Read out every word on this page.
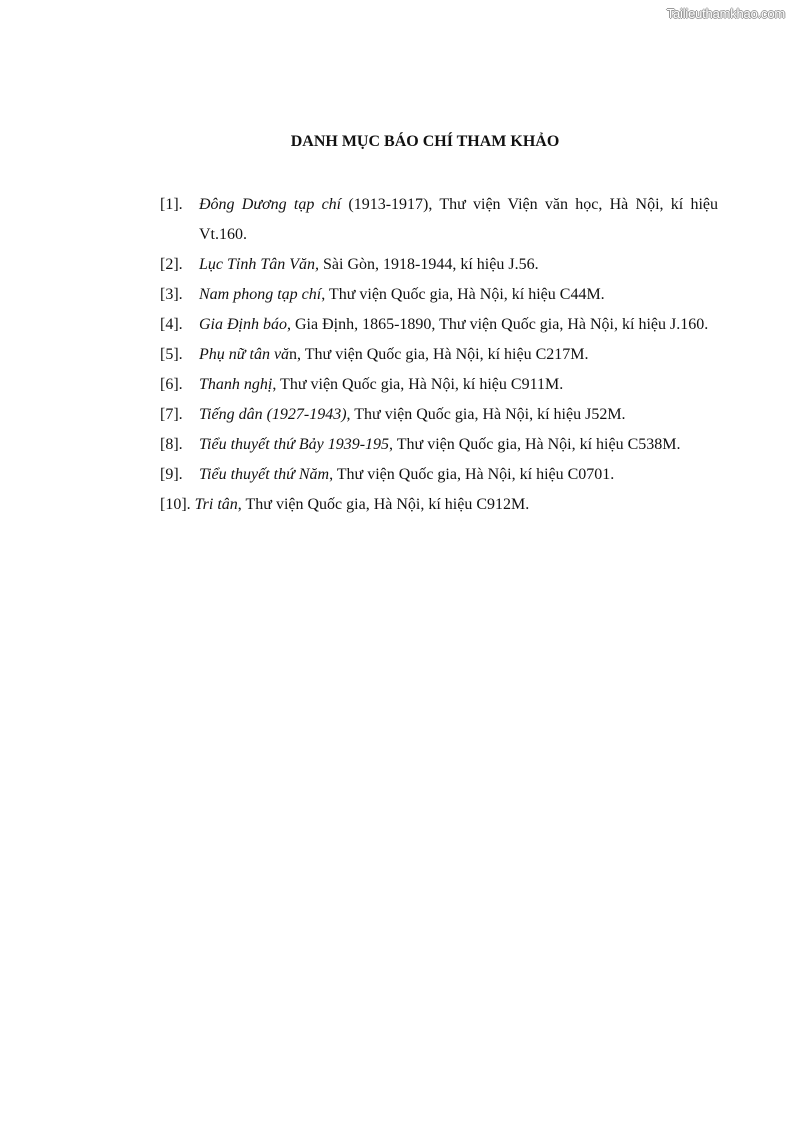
Tailieuthamkhao.com
DANH MỤC BÁO CHÍ THAM KHẢO
[1]. Đông Dương tạp chí (1913-1917), Thư viện Viện văn học, Hà Nội, kí hiệu Vt.160.
[2]. Lục Tỉnh Tân Văn, Sài Gòn, 1918-1944, kí hiệu J.56.
[3]. Nam phong tạp chí, Thư viện Quốc gia, Hà Nội, kí hiệu C44M.
[4]. Gia Định báo, Gia Định, 1865-1890, Thư viện Quốc gia, Hà Nội, kí hiệu J.160.
[5]. Phụ nữ tân văn, Thư viện Quốc gia, Hà Nội, kí hiệu C217M.
[6]. Thanh nghị, Thư viện Quốc gia, Hà Nội, kí hiệu C911M.
[7]. Tiếng dân (1927-1943), Thư viện Quốc gia, Hà Nội, kí hiệu J52M.
[8]. Tiểu thuyết thứ Bảy 1939-195, Thư viện Quốc gia, Hà Nội, kí hiệu C538M.
[9]. Tiểu thuyết thứ Năm, Thư viện Quốc gia, Hà Nội, kí hiệu C0701.
[10]. Tri tân, Thư viện Quốc gia, Hà Nội, kí hiệu C912M.
